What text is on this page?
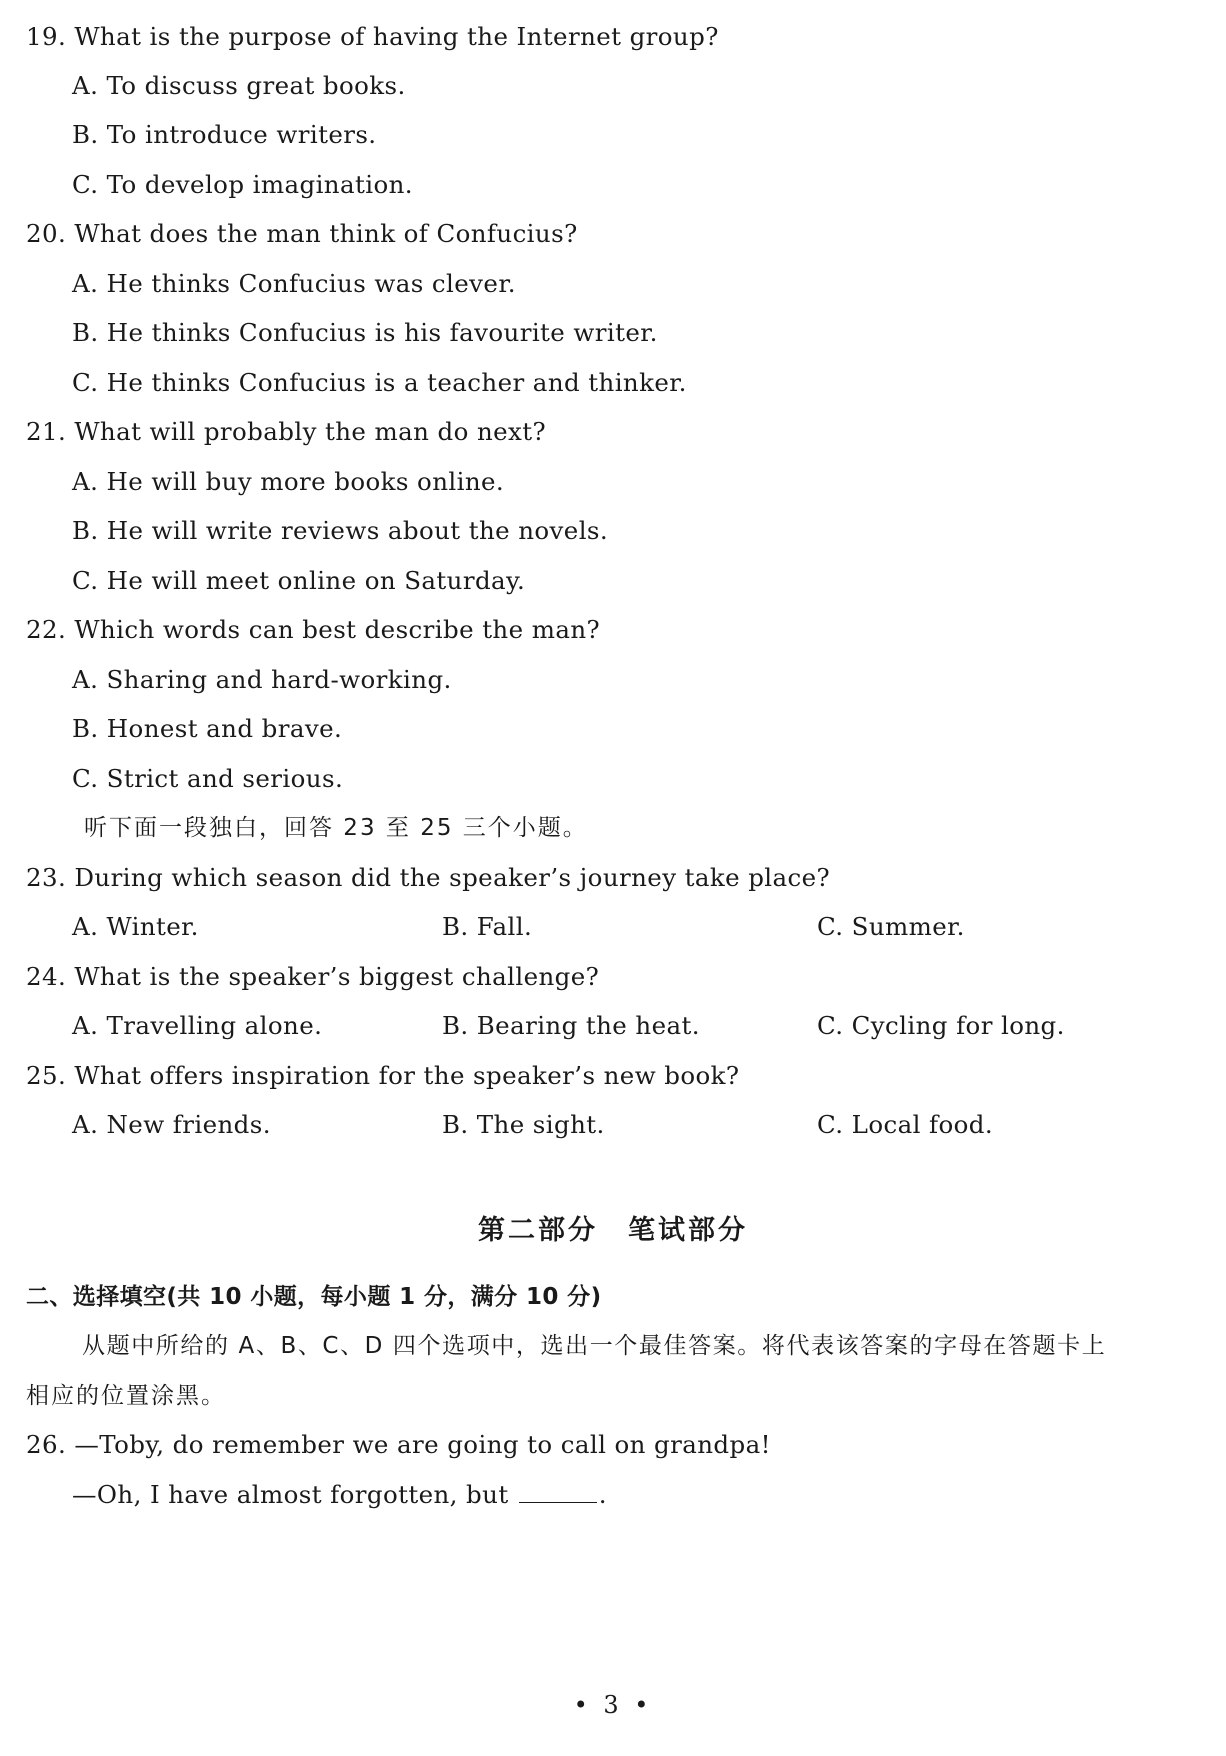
19. What is the purpose of having the Internet group?
A. To discuss great books.
B. To introduce writers.
C. To develop imagination.
20. What does the man think of Confucius?
A. He thinks Confucius was clever.
B. He thinks Confucius is his favourite writer.
C. He thinks Confucius is a teacher and thinker.
21. What will probably the man do next?
A. He will buy more books online.
B. He will write reviews about the novels.
C. He will meet online on Saturday.
22. Which words can best describe the man?
A. Sharing and hard-working.
B. Honest and brave.
C. Strict and serious.
听下面一段独白，回答 23 至 25 三个小题。
23. During which season did the speaker’s journey take place?
A. Winter.	B. Fall.	C. Summer.
24. What is the speaker’s biggest challenge?
A. Travelling alone.	B. Bearing the heat.	C. Cycling for long.
25. What offers inspiration for the speaker’s new book?
A. New friends.	B. The sight.	C. Local food.
第二部分　笔试部分
二、选择填空(共 10 小题，每小题 1 分，满分 10 分)
从题中所给的 A、B、C、D 四个选项中，选出一个最佳答案。将代表该答案的字母在答题卡上
相应的位置涂黑。
26. —Toby, do remember we are going to call on grandpa!
—Oh, I have almost forgotten, but	.
• 3 •
